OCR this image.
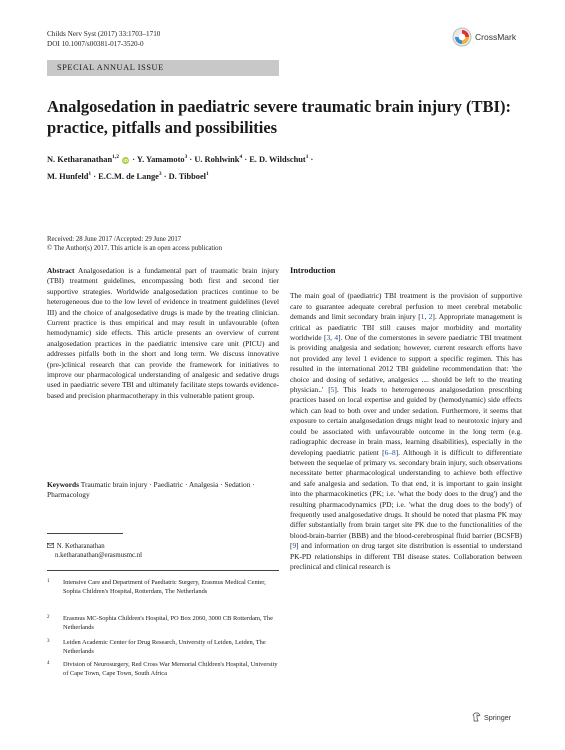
Childs Nerv Syst (2017) 33:1703–1710
DOI 10.1007/s00381-017-3520-0
CrossMark
SPECIAL ANNUAL ISSUE
Analgosedation in paediatric severe traumatic brain injury (TBI): practice, pitfalls and possibilities
N. Ketharanathan$^{1,2}$ iD · Y. Yamamoto$^3$ · U. Rohlwink$^4$ · E. D. Wildschut$^1$ ·
M. Hunfeld$^1$ · E.C.M. de Lange$^3$ · D. Tibboel$^1$
Received: 28 June 2017 /Accepted: 29 June 2017
© The Author(s) 2017. This article is an open access publication
Abstract Analgosedation is a fundamental part of traumatic brain injury (TBI) treatment guidelines, encompassing both first and second tier supportive strategies. Worldwide analgosedation practices continue to be heterogeneous due to the low level of evidence in treatment guidelines (level III) and the choice of analgosedative drugs is made by the treating clinician. Current practice is thus empirical and may result in unfavourable (often hemodynamic) side effects. This article presents an overview of current analgosedation practices in the paediatric intensive care unit (PICU) and addresses pitfalls both in the short and long term. We discuss innovative (pre-)clinical research that can provide the framework for initiatives to improve our pharmacological understanding of analgesic and sedative drugs used in paediatric severe TBI and ultimately facilitate steps towards evidence-based and precision pharmacotherapy in this vulnerable patient group.
Keywords Traumatic brain injury · Paediatric · Analgesia · Sedation · Pharmacology
N. Ketharanathan
n.ketharanathan@erasmusmc.nl
1 Intensive Care and Department of Paediatric Surgery, Erasmus Medical Center, Sophia Children's Hospital, Rotterdam, The Netherlands
2 Erasmus MC-Sophia Children's Hospital, PO Box 2060, 3000 CB Rotterdam, The Netherlands
3 Leiden Academic Center for Drug Research, University of Leiden, Leiden, The Netherlands
4 Division of Neurosurgery, Red Cross War Memorial Children's Hospital, University of Cape Town, Cape Town, South Africa
Introduction
The main goal of (paediatric) TBI treatment is the provision of supportive care to guarantee adequate cerebral perfusion to meet cerebral metabolic demands and limit secondary brain injury [1, 2]. Appropriate management is critical as paediatric TBI still causes major morbidity and mortality worldwide [3, 4]. One of the cornerstones in severe paediatric TBI treatment is providing analgesia and sedation; however, current research efforts have not provided any level 1 evidence to support a specific regimen. This has resulted in the international 2012 TBI guideline recommendation that: 'the choice and dosing of sedative, analgesics .... should be left to the treating physician..' [5]. This leads to heterogeneous analgosedation prescribing practices based on local expertise and guided by (hemodynamic) side effects which can lead to both over and under sedation. Furthermore, it seems that exposure to certain analgosedation drugs might lead to neurotoxic injury and could be associated with unfavourable outcome in the long term (e.g. radiographic decrease in brain mass, learning disabilities), especially in the developing paediatric patient [6–8]. Although it is difficult to differentiate between the sequelae of primary vs. secondary brain injury, such observations necessitate better pharmacological understanding to achieve both effective and safe analgesia and sedation. To that end, it is important to gain insight into the pharmacokinetics (PK; i.e. 'what the body does to the drug') and the resulting pharmacodynamics (PD; i.e. 'what the drug does to the body') of frequently used analgosedative drugs. It should be noted that plasma PK may differ substantially from brain target site PK due to the functionalities of the blood-brain-barrier (BBB) and the blood-cerebrospinal fluid barrier (BCSFB) [9] and information on drug target site distribution is essential to understand PK-PD relationships in different TBI disease states. Collaboration between preclinical and clinical research is
Springer
